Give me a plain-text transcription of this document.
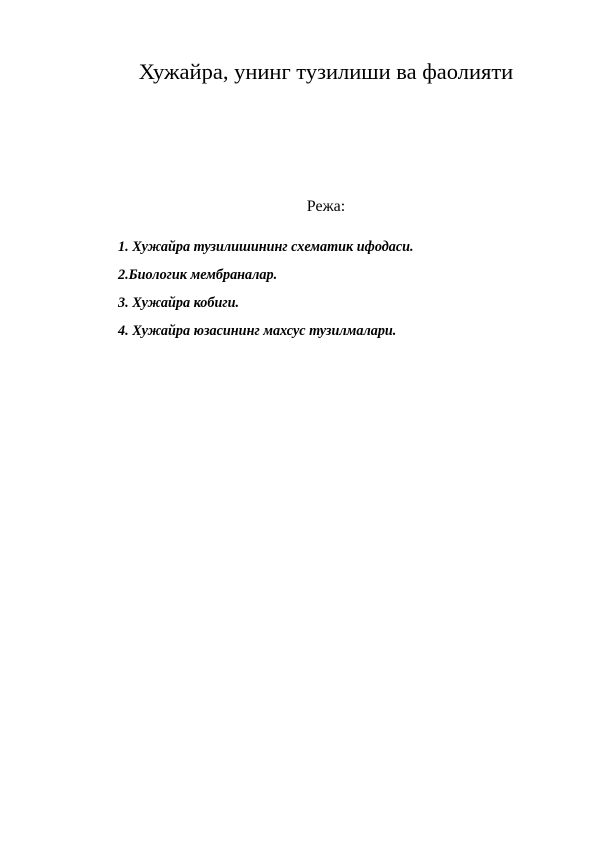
Хужайра, унинг тузилиши ва фаолияти
Режа:
1. Хужайра тузилишининг схематик ифодаси.
2.Биологик мембраналар.
3. Хужайра кобиги.
4. Хужайра юзасининг махсус тузилмалари.
